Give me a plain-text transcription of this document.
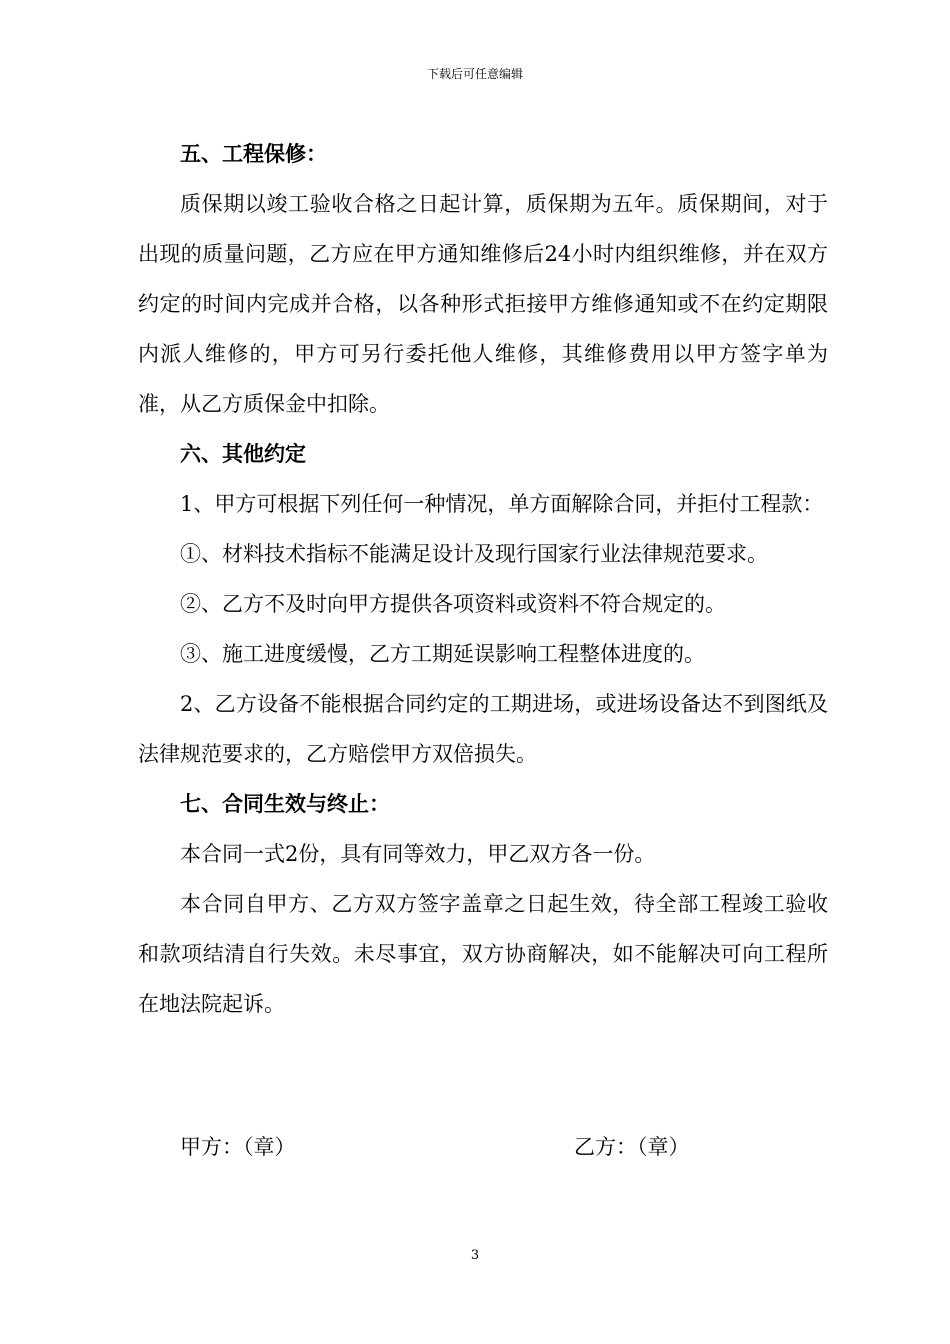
下载后可任意编辑

五、工程保修：

质保期以竣工验收合格之日起计算，质保期为五年。质保期间，对于出现的质量问题，乙方应在甲方通知维修后24小时内组织维修，并在双方约定的时间内完成并合格，以各种形式拒接甲方维修通知或不在约定期限内派人维修的，甲方可另行委托他人维修，其维修费用以甲方签字单为准，从乙方质保金中扣除。

六、其他约定

1、甲方可根据下列任何一种情况，单方面解除合同，并拒付工程款：

①、材料技术指标不能满足设计及现行国家行业法律规范要求。

②、乙方不及时向甲方提供各项资料或资料不符合规定的。

③、施工进度缓慢，乙方工期延误影响工程整体进度的。

2、乙方设备不能根据合同约定的工期进场，或进场设备达不到图纸及法律规范要求的，乙方赔偿甲方双倍损失。

七、合同生效与终止：

本合同一式2份，具有同等效力，甲乙双方各一份。

本合同自甲方、乙方双方签字盖章之日起生效，待全部工程竣工验收和款项结清自行失效。未尽事宜，双方协商解决，如不能解决可向工程所在地法院起诉。

甲方：（章）	乙方：（章）
3
